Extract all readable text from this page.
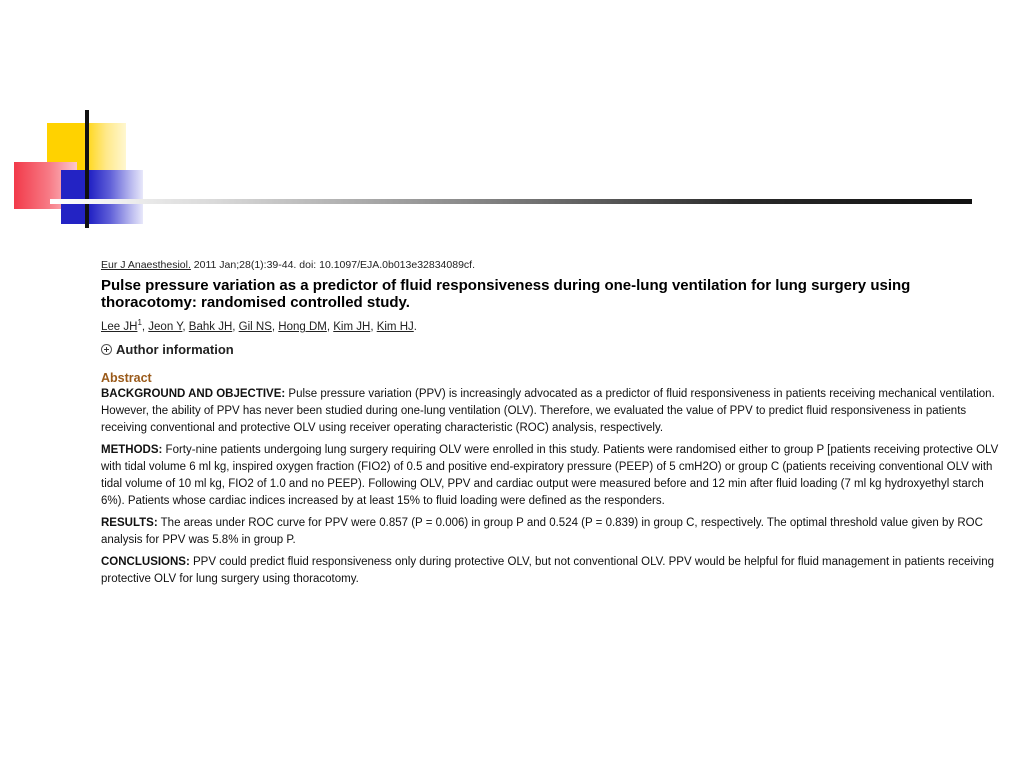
Eur J Anaesthesiol. 2011 Jan;28(1):39-44. doi: 10.1097/EJA.0b013e32834089cf.

Pulse pressure variation as a predictor of fluid responsiveness during one-lung ventilation for lung surgery using thoracotomy: randomised controlled study.

Lee $JH^1$, Jeon Y, Bahk JH, Gil NS, Hong DM, Kim JH, Kim HJ.

Author information
Abstract

BACKGROUND AND OBJECTIVE: Pulse pressure variation (PPV) is increasingly advocated as a predictor of fluid responsiveness in patients receiving mechanical ventilation. However, the ability of PPV has never been studied during one-lung ventilation (OLV). Therefore, we evaluated the value of PPV to predict fluid responsiveness in patients receiving conventional and protective OLV using receiver operating characteristic (ROC) analysis, respectively.

METHODS: Forty-nine patients undergoing lung surgery requiring OLV were enrolled in this study. Patients were randomised either to group P [patients receiving protective OLV with tidal volume 6 ml kg, inspired oxygen fraction (FIO2) of 0.5 and positive end-expiratory pressure (PEEP) of 5 cmH2O) or group C (patients receiving conventional OLV with tidal volume of 10 ml kg, FIO2 of 1.0 and no PEEP). Following OLV, PPV and cardiac output were measured before and 12 min after fluid loading (7 ml kg hydroxyethyl starch 6%). Patients whose cardiac indices increased by at least 15% to fluid loading were defined as the responders.

RESULTS: The areas under ROC curve for PPV were 0.857 (P = 0.006) in group P and 0.524 (P = 0.839) in group C, respectively. The optimal threshold value given by ROC analysis for PPV was 5.8% in group P.

CONCLUSIONS: PPV could predict fluid responsiveness only during protective OLV, but not conventional OLV. PPV would be helpful for fluid management in patients receiving protective OLV for lung surgery using thoracotomy.
